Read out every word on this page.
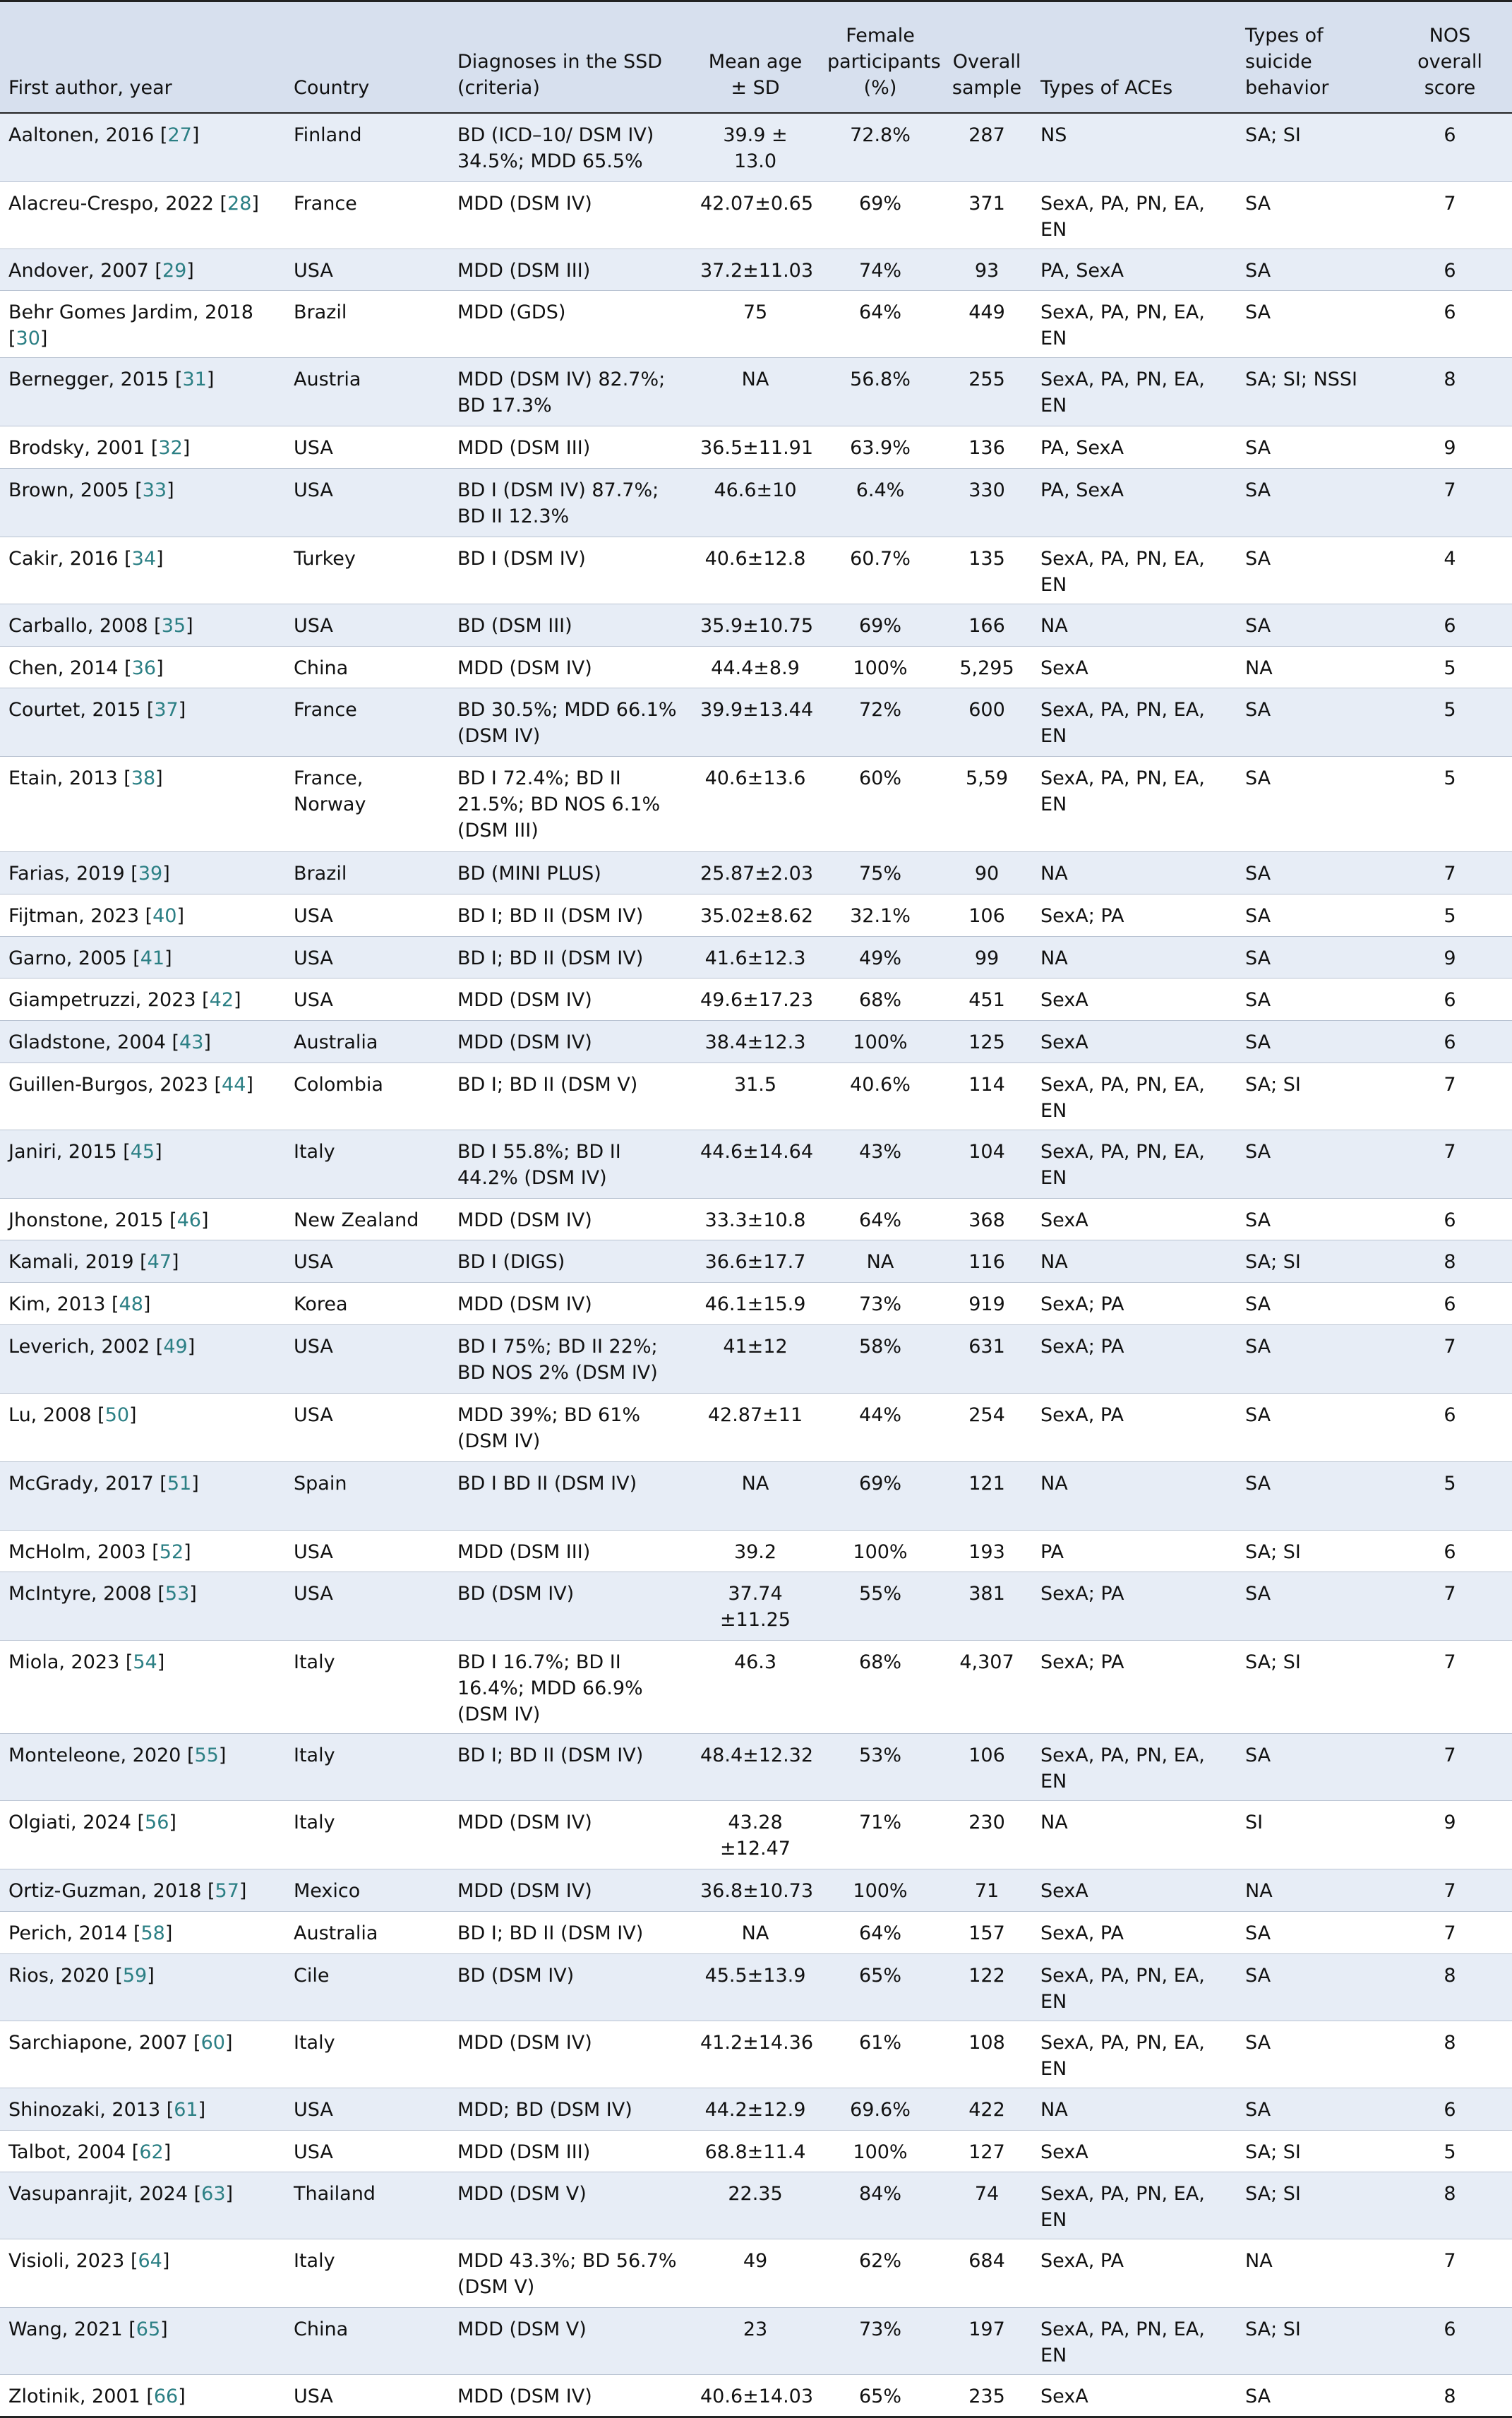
First author, year	Country	Diagnoses in the SSD (criteria)	Mean age ± SD	Female participants (%)	Overall sample	Types of ACEs	Types of suicide behavior	NOS overall score
Aaltonen, 2016 [27]	Finland	BD (ICD–10/ DSM IV) 34.5%; MDD 65.5%	39.9 ± 13.0	72.8%	287	NS	SA; SI	6
Alacreu-Crespo, 2022 [28]	France	MDD (DSM IV)	42.07±0.65	69%	371	SexA, PA, PN, EA, EN	SA	7
Andover, 2007 [29]	USA	MDD (DSM III)	37.2±11.03	74%	93	PA, SexA	SA	6
Behr Gomes Jardim, 2018 [30]	Brazil	MDD (GDS)	75	64%	449	SexA, PA, PN, EA, EN	SA	6
Bernegger, 2015 [31]	Austria	MDD (DSM IV) 82.7%; BD 17.3%	NA	56.8%	255	SexA, PA, PN, EA, EN	SA; SI; NSSI	8
Brodsky, 2001 [32]	USA	MDD (DSM III)	36.5±11.91	63.9%	136	PA, SexA	SA	9
Brown, 2005 [33]	USA	BD I (DSM IV) 87.7%; BD II 12.3%	46.6±10	6.4%	330	PA, SexA	SA	7
Cakir, 2016 [34]	Turkey	BD I (DSM IV)	40.6±12.8	60.7%	135	SexA, PA, PN, EA, EN	SA	4
Carballo, 2008 [35]	USA	BD (DSM III)	35.9±10.75	69%	166	NA	SA	6
Chen, 2014 [36]	China	MDD (DSM IV)	44.4±8.9	100%	5,295	SexA	NA	5
Courtet, 2015 [37]	France	BD 30.5%; MDD 66.1% (DSM IV)	39.9±13.44	72%	600	SexA, PA, PN, EA, EN	SA	5
Etain, 2013 [38]	France, Norway	BD I 72.4%; BD II 21.5%; BD NOS 6.1% (DSM III)	40.6±13.6	60%	5,59	SexA, PA, PN, EA, EN	SA	5
Farias, 2019 [39]	Brazil	BD (MINI PLUS)	25.87±2.03	75%	90	NA	SA	7
Fijtman, 2023 [40]	USA	BD I; BD II (DSM IV)	35.02±8.62	32.1%	106	SexA; PA	SA	5
Garno, 2005 [41]	USA	BD I; BD II (DSM IV)	41.6±12.3	49%	99	NA	SA	9
Giampetruzzi, 2023 [42]	USA	MDD (DSM IV)	49.6±17.23	68%	451	SexA	SA	6
Gladstone, 2004 [43]	Australia	MDD (DSM IV)	38.4±12.3	100%	125	SexA	SA	6
Guillen-Burgos, 2023 [44]	Colombia	BD I; BD II (DSM V)	31.5	40.6%	114	SexA, PA, PN, EA, EN	SA; SI	7
Janiri, 2015 [45]	Italy	BD I 55.8%; BD II 44.2% (DSM IV)	44.6±14.64	43%	104	SexA, PA, PN, EA, EN	SA	7
Jhonstone, 2015 [46]	New Zealand	MDD (DSM IV)	33.3±10.8	64%	368	SexA	SA	6
Kamali, 2019 [47]	USA	BD I (DIGS)	36.6±17.7	NA	116	NA	SA; SI	8
Kim, 2013 [48]	Korea	MDD (DSM IV)	46.1±15.9	73%	919	SexA; PA	SA	6
Leverich, 2002 [49]	USA	BD I 75%; BD II 22%; BD NOS 2% (DSM IV)	41±12	58%	631	SexA; PA	SA	7
Lu, 2008 [50]	USA	MDD 39%; BD 61% (DSM IV)	42.87±11	44%	254	SexA, PA	SA	6
McGrady, 2017 [51]	Spain	BD I BD II (DSM IV)	NA	69%	121	NA	SA	5
McHolm, 2003 [52]	USA	MDD (DSM III)	39.2	100%	193	PA	SA; SI	6
McIntyre, 2008 [53]	USA	BD (DSM IV)	37.74 ±11.25	55%	381	SexA; PA	SA	7
Miola, 2023 [54]	Italy	BD I 16.7%; BD II 16.4%; MDD 66.9% (DSM IV)	46.3	68%	4,307	SexA; PA	SA; SI	7
Monteleone, 2020 [55]	Italy	BD I; BD II (DSM IV)	48.4±12.32	53%	106	SexA, PA, PN, EA, EN	SA	7
Olgiati, 2024 [56]	Italy	MDD (DSM IV)	43.28 ±12.47	71%	230	NA	SI	9
Ortiz-Guzman, 2018 [57]	Mexico	MDD (DSM IV)	36.8±10.73	100%	71	SexA	NA	7
Perich, 2014 [58]	Australia	BD I; BD II (DSM IV)	NA	64%	157	SexA, PA	SA	7
Rios, 2020 [59]	Cile	BD (DSM IV)	45.5±13.9	65%	122	SexA, PA, PN, EA, EN	SA	8
Sarchiapone, 2007 [60]	Italy	MDD (DSM IV)	41.2±14.36	61%	108	SexA, PA, PN, EA, EN	SA	8
Shinozaki, 2013 [61]	USA	MDD; BD (DSM IV)	44.2±12.9	69.6%	422	NA	SA	6
Talbot, 2004 [62]	USA	MDD (DSM III)	68.8±11.4	100%	127	SexA	SA; SI	5
Vasupanrajit, 2024 [63]	Thailand	MDD (DSM V)	22.35	84%	74	SexA, PA, PN, EA, EN	SA; SI	8
Visioli, 2023 [64]	Italy	MDD 43.3%; BD 56.7% (DSM V)	49	62%	684	SexA, PA	NA	7
Wang, 2021 [65]	China	MDD (DSM V)	23	73%	197	SexA, PA, PN, EA, EN	SA; SI	6
Zlotinik, 2001 [66]	USA	MDD (DSM IV)	40.6±14.03	65%	235	SexA	SA	8
